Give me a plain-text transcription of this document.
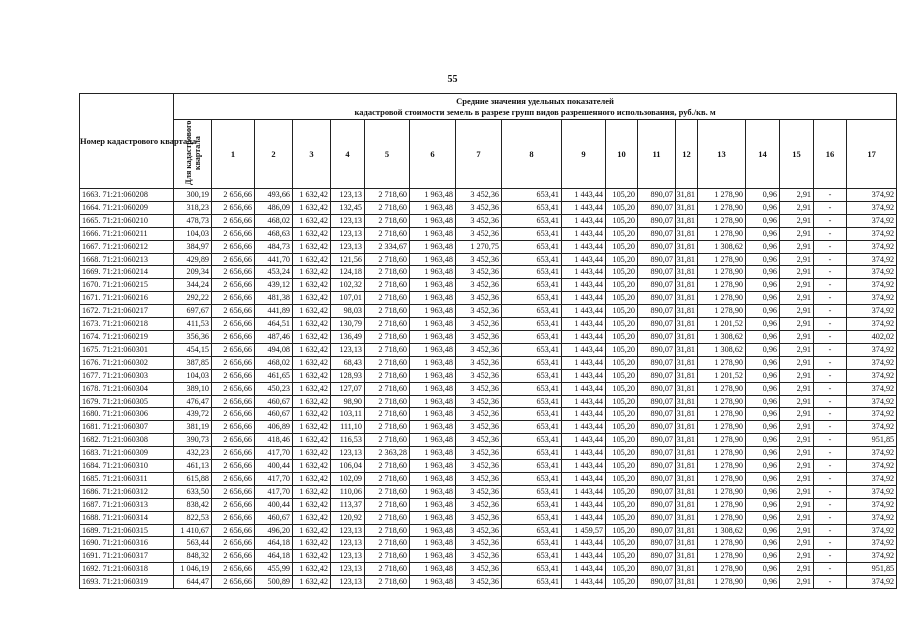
55
Номер кадастрового квартала	Средние значения удельных показателей
кадастровой стоимости земель в разрезе групп видов разрешенного использования, руб./кв. м																	
	Для кадастрового квартала	1	2	3	4	5	6	7	8	9	10	11	12	13	14	15	16	17
1663. 71:21:060208	300,19	2 656,66	493,66	1 632,42	123,13	2 718,60	1 963,48	3 452,36	653,41	1 443,44	105,20	890,07	31,81	1 278,90	0,96	2,91	-	374,92
1664. 71:21:060209	318,23	2 656,66	486,09	1 632,42	132,45	2 718,60	1 963,48	3 452,36	653,41	1 443,44	105,20	890,07	31,81	1 278,90	0,96	2,91	-	374,92
1665. 71:21:060210	478,73	2 656,66	468,02	1 632,42	123,13	2 718,60	1 963,48	3 452,36	653,41	1 443,44	105,20	890,07	31,81	1 278,90	0,96	2,91	-	374,92
1666. 71:21:060211	104,03	2 656,66	468,63	1 632,42	123,13	2 718,60	1 963,48	3 452,36	653,41	1 443,44	105,20	890,07	31,81	1 278,90	0,96	2,91	-	374,92
1667. 71:21:060212	384,97	2 656,66	484,73	1 632,42	123,13	2 334,67	1 963,48	1 270,75	653,41	1 443,44	105,20	890,07	31,81	1 308,62	0,96	2,91	-	374,92
1668. 71:21:060213	429,89	2 656,66	441,70	1 632,42	121,56	2 718,60	1 963,48	3 452,36	653,41	1 443,44	105,20	890,07	31,81	1 278,90	0,96	2,91	-	374,92
1669. 71:21:060214	209,34	2 656,66	453,24	1 632,42	124,18	2 718,60	1 963,48	3 452,36	653,41	1 443,44	105,20	890,07	31,81	1 278,90	0,96	2,91	-	374,92
1670. 71:21:060215	344,24	2 656,66	439,12	1 632,42	102,32	2 718,60	1 963,48	3 452,36	653,41	1 443,44	105,20	890,07	31,81	1 278,90	0,96	2,91	-	374,92
1671. 71:21:060216	292,22	2 656,66	481,38	1 632,42	107,01	2 718,60	1 963,48	3 452,36	653,41	1 443,44	105,20	890,07	31,81	1 278,90	0,96	2,91	-	374,92
1672. 71:21:060217	697,67	2 656,66	441,89	1 632,42	98,03	2 718,60	1 963,48	3 452,36	653,41	1 443,44	105,20	890,07	31,81	1 278,90	0,96	2,91	-	374,92
1673. 71:21:060218	411,53	2 656,66	464,51	1 632,42	130,79	2 718,60	1 963,48	3 452,36	653,41	1 443,44	105,20	890,07	31,81	1 201,52	0,96	2,91	-	374,92
1674. 71:21:060219	356,36	2 656,66	487,46	1 632,42	136,49	2 718,60	1 963,48	3 452,36	653,41	1 443,44	105,20	890,07	31,81	1 308,62	0,96	2,91	-	402,02
1675. 71:21:060301	454,15	2 656,66	494,08	1 632,42	123,13	2 718,60	1 963,48	3 452,36	653,41	1 443,44	105,20	890,07	31,81	1 308,62	0,96	2,91	-	374,92
1676. 71:21:060302	387,85	2 656,66	468,02	1 632,42	68,43	2 718,60	1 963,48	3 452,36	653,41	1 443,44	105,20	890,07	31,81	1 278,90	0,96	2,91	-	374,92
1677. 71:21:060303	104,03	2 656,66	461,65	1 632,42	128,93	2 718,60	1 963,48	3 452,36	653,41	1 443,44	105,20	890,07	31,81	1 201,52	0,96	2,91	-	374,92
1678. 71:21:060304	389,10	2 656,66	450,23	1 632,42	127,07	2 718,60	1 963,48	3 452,36	653,41	1 443,44	105,20	890,07	31,81	1 278,90	0,96	2,91	-	374,92
1679. 71:21:060305	476,47	2 656,66	460,67	1 632,42	98,90	2 718,60	1 963,48	3 452,36	653,41	1 443,44	105,20	890,07	31,81	1 278,90	0,96	2,91	-	374,92
1680. 71:21:060306	439,72	2 656,66	460,67	1 632,42	103,11	2 718,60	1 963,48	3 452,36	653,41	1 443,44	105,20	890,07	31,81	1 278,90	0,96	2,91	-	374,92
1681. 71:21:060307	381,19	2 656,66	406,89	1 632,42	111,10	2 718,60	1 963,48	3 452,36	653,41	1 443,44	105,20	890,07	31,81	1 278,90	0,96	2,91	-	374,92
1682. 71:21:060308	390,73	2 656,66	418,46	1 632,42	116,53	2 718,60	1 963,48	3 452,36	653,41	1 443,44	105,20	890,07	31,81	1 278,90	0,96	2,91	-	951,85
1683. 71:21:060309	432,23	2 656,66	417,70	1 632,42	123,13	2 363,28	1 963,48	3 452,36	653,41	1 443,44	105,20	890,07	31,81	1 278,90	0,96	2,91	-	374,92
1684. 71:21:060310	461,13	2 656,66	400,44	1 632,42	106,04	2 718,60	1 963,48	3 452,36	653,41	1 443,44	105,20	890,07	31,81	1 278,90	0,96	2,91	-	374,92
1685. 71:21:060311	615,88	2 656,66	417,70	1 632,42	102,09	2 718,60	1 963,48	3 452,36	653,41	1 443,44	105,20	890,07	31,81	1 278,90	0,96	2,91	-	374,92
1686. 71:21:060312	633,50	2 656,66	417,70	1 632,42	110,06	2 718,60	1 963,48	3 452,36	653,41	1 443,44	105,20	890,07	31,81	1 278,90	0,96	2,91	-	374,92
1687. 71:21:060313	838,42	2 656,66	400,44	1 632,42	113,37	2 718,60	1 963,48	3 452,36	653,41	1 443,44	105,20	890,07	31,81	1 278,90	0,96	2,91	-	374,92
1688. 71:21:060314	822,53	2 656,66	460,67	1 632,42	120,92	2 718,60	1 963,48	3 452,36	653,41	1 443,44	105,20	890,07	31,81	1 278,90	0,96	2,91	-	374,92
1689. 71:21:060315	1 410,67	2 656,66	496,20	1 632,42	123,13	2 718,60	1 963,48	3 452,36	653,41	1 459,57	105,20	890,07	31,81	1 308,62	0,96	2,91	-	374,92
1690. 71:21:060316	563,44	2 656,66	464,18	1 632,42	123,13	2 718,60	1 963,48	3 452,36	653,41	1 443,44	105,20	890,07	31,81	1 278,90	0,96	2,91	-	374,92
1691. 71:21:060317	848,32	2 656,66	464,18	1 632,42	123,13	2 718,60	1 963,48	3 452,36	653,41	1 443,44	105,20	890,07	31,81	1 278,90	0,96	2,91	-	374,92
1692. 71:21:060318	1 046,19	2 656,66	455,99	1 632,42	123,13	2 718,60	1 963,48	3 452,36	653,41	1 443,44	105,20	890,07	31,81	1 278,90	0,96	2,91	-	951,85
1693. 71:21:060319	644,47	2 656,66	500,89	1 632,42	123,13	2 718,60	1 963,48	3 452,36	653,41	1 443,44	105,20	890,07	31,81	1 278,90	0,96	2,91	-	374,92
